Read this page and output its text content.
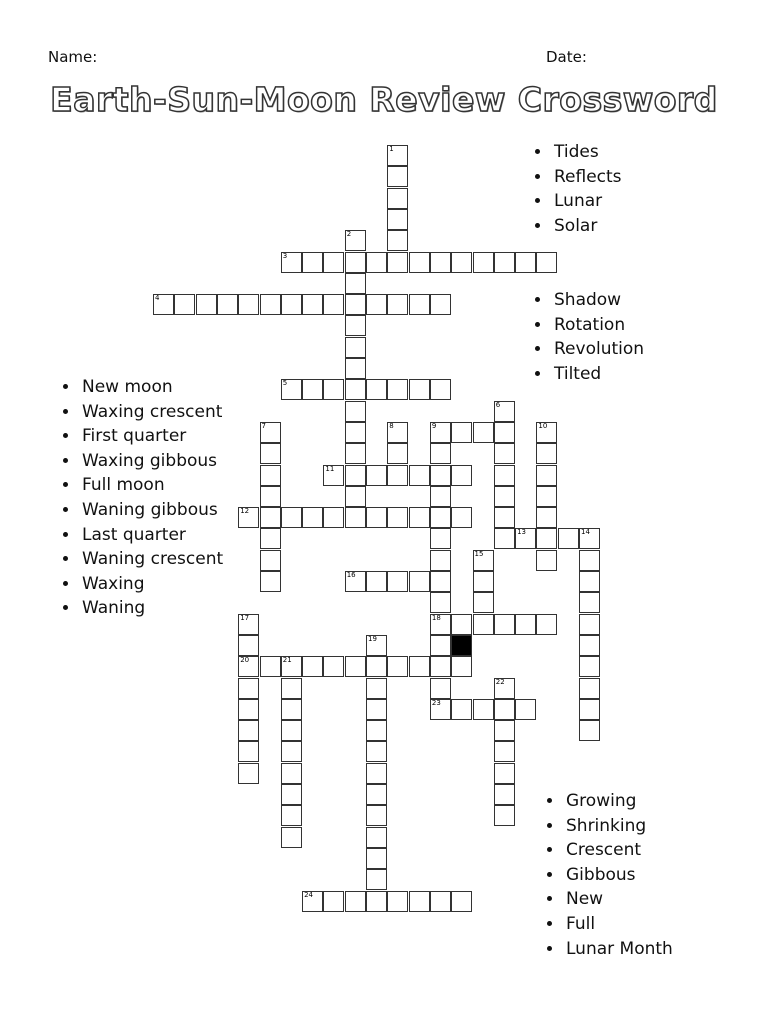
Name:	Date:
Earth-Sun-Moon Review Crossword
1
2
3
4
5
6
7	8	9
18
23
10
11
12
13	14
15
16
17
20
19
21
22
24
• Tides
• Reflects
• Lunar
• Solar
• Shadow
• Rotation
• Revolution
• Tilted
• New moon
• Waxing crescent
• First quarter
• Waxing gibbous
• Full moon
• Waning gibbous
• Last quarter
• Waning crescent
• Waxing
• Waning
• Growing
• Shrinking
• Crescent
• Gibbous
• New
• Full
• Lunar Month
